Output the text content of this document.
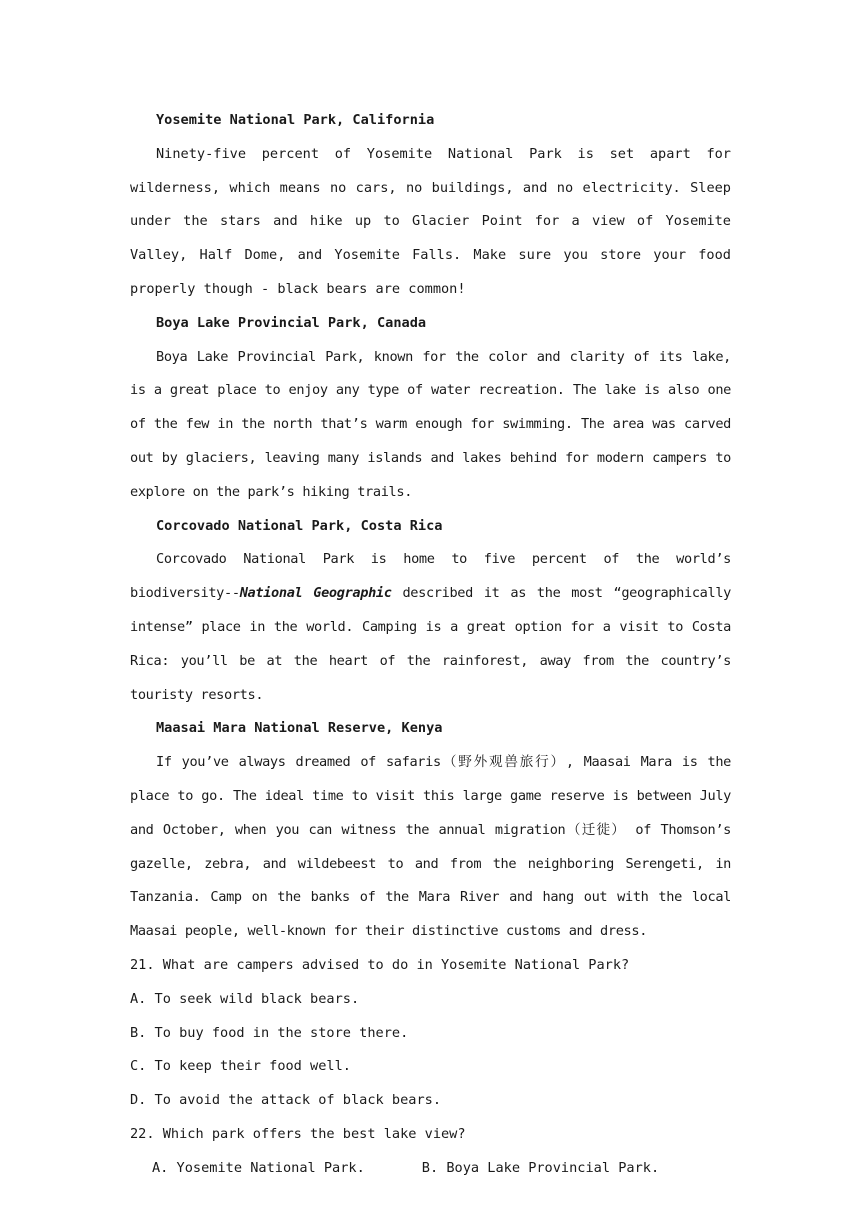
Yosemite National Park, California

Ninety-five percent of Yosemite National Park is set apart for wilderness, which means no cars, no buildings, and no electricity. Sleep under the stars and hike up to Glacier Point for a view of Yosemite Valley, Half Dome, and Yosemite Falls. Make sure you store your food properly though - black bears are common!

Boya Lake Provincial Park, Canada

Boya Lake Provincial Park, known for the color and clarity of its lake, is a great place to enjoy any type of water recreation. The lake is also one of the few in the north that’s warm enough for swimming. The area was carved out by glaciers, leaving many islands and lakes behind for modern campers to explore on the park’s hiking trails.

Corcovado National Park, Costa Rica

Corcovado National Park is home to five percent of the world’s biodiversity--National Geographic described it as the most “geographically intense” place in the world. Camping is a great option for a visit to Costa Rica: you’ll be at the heart of the rainforest, away from the country’s touristy resorts.

Maasai Mara National Reserve, Kenya

If you’ve always dreamed of safaris（野外观兽旅行）, Maasai Mara is the place to go. The ideal time to visit this large game reserve is between July and October, when you can witness the annual migration（迁徙） of Thomson’s gazelle, zebra, and wildebeest to and from the neighboring Serengeti, in Tanzania. Camp on the banks of the Mara River and hang out with the local Maasai people, well-known for their distinctive customs and dress.

21. What are campers advised to do in Yosemite National Park?
A. To seek wild black bears.
B. To buy food in the store there.
C. To keep their food well.
D. To avoid the attack of black bears.
22. Which park offers the best lake view?
A. Yosemite National Park.	B. Boya Lake Provincial Park.
